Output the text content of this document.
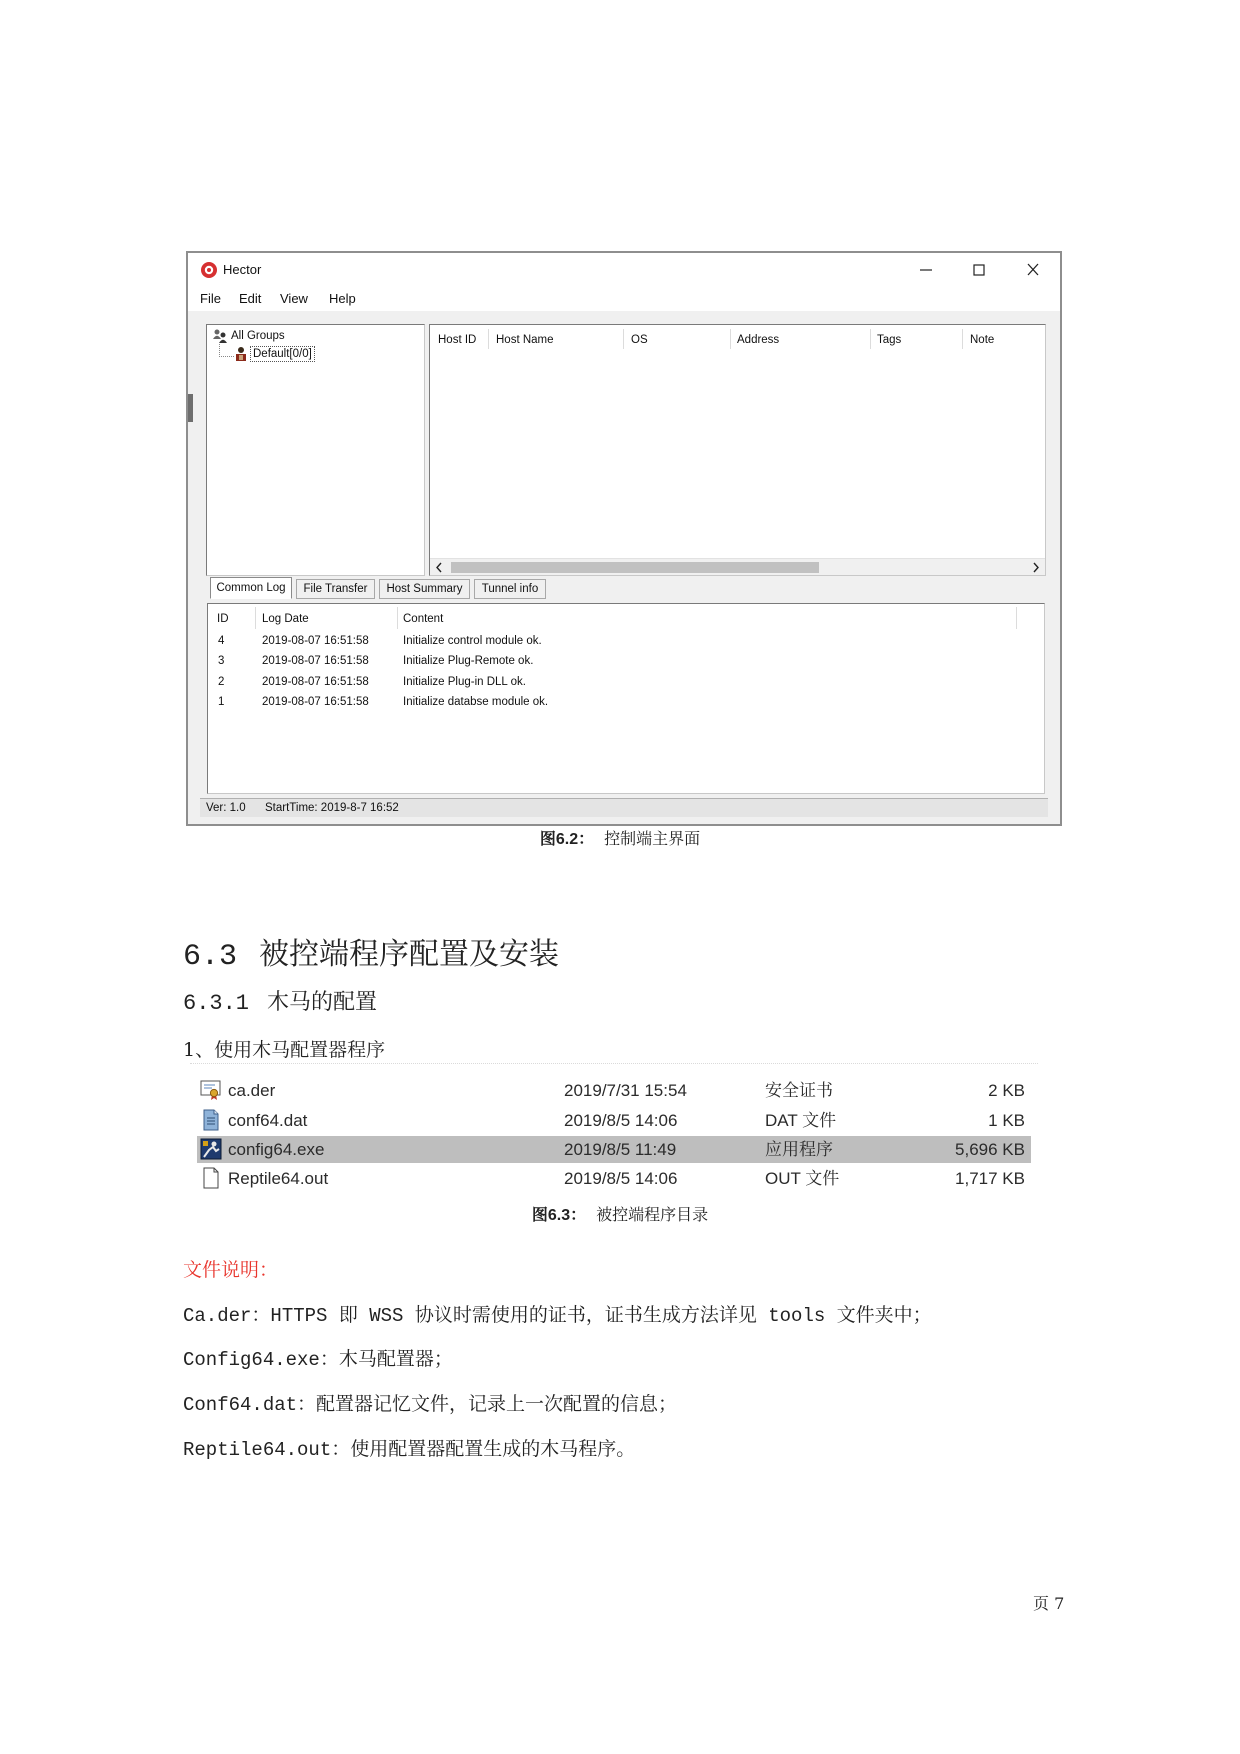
Hector
File Edit View Help
All Groups
Default[0/0]
Host ID Host Name	OS	Address	Tags	Note
Common Log	File Transfer	Host Summary	Tunnel info
ID	Log Date	Content
4	2019-08-07 16:51:58	Initialize control module ok.
3	2019-08-07 16:51:58	Initialize Plug-Remote ok.
2	2019-08-07 16:51:58	Initialize Plug-in DLL ok.
1	2019-08-07 16:51:58	Initialize databse module ok.
Ver: 1.0 StartTime: 2019-8-7 16:52
图6.2： 控制端主界面
6.3 被控端程序配置及安装
6.3.1 木马的配置

1、使用木马配置器程序

ca.der	2019/7/31 15:54	安全证书	2 KB
conf64.dat	2019/8/5 14:06	DAT 文件	1 KB
config64.exe	2019/8/5 11:49	应用程序	5,696 KB
Reptile64.out	2019/8/5 14:06	OUT 文件	1,717 KB
图6.3： 被控端程序目录

文件说明：

Ca.der：HTTPS 即 WSS 协议时需使用的证书，证书生成方法详见 tools 文件夹中；

Config64.exe：木马配置器；

Conf64.dat：配置器记忆文件，记录上一次配置的信息；

Reptile64.out：使用配置器配置生成的木马程序。

页 7
